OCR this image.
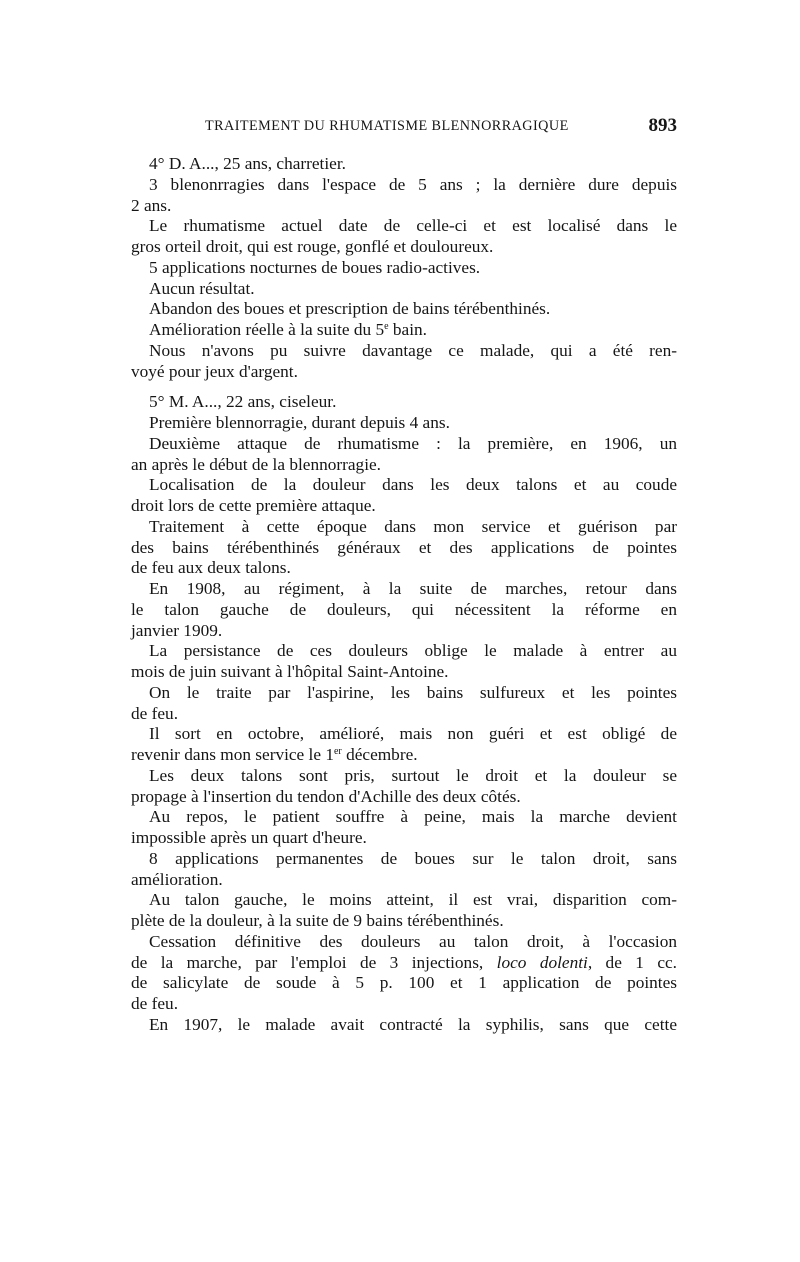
TRAITEMENT DU RHUMATISME BLENNORRAGIQUE	893
4° D. A..., 25 ans, charretier.
3 blenonrragies dans l'espace de 5 ans ; la dernière dure depuis
2 ans.
Le rhumatisme actuel date de celle-ci et est localisé dans le
gros orteil droit, qui est rouge, gonflé et douloureux.
5 applications nocturnes de boues radio-actives.
Aucun résultat.
Abandon des boues et prescription de bains térébenthinés.
Amélioration réelle à la suite du 5e bain.
Nous n'avons pu suivre davantage ce malade, qui a été ren-
voyé pour jeux d'argent.
5° M. A..., 22 ans, ciseleur.
Première blennorragie, durant depuis 4 ans.
Deuxième attaque de rhumatisme : la première, en 1906, un
an après le début de la blennorragie.
Localisation de la douleur dans les deux talons et au coude
droit lors de cette première attaque.
Traitement à cette époque dans mon service et guérison par
des bains térébenthinés généraux et des applications de pointes
de feu aux deux talons.
En 1908, au régiment, à la suite de marches, retour dans
le talon gauche de douleurs, qui nécessitent la réforme en
janvier 1909.
La persistance de ces douleurs oblige le malade à entrer au
mois de juin suivant à l'hôpital Saint-Antoine.
On le traite par l'aspirine, les bains sulfureux et les pointes
de feu.
Il sort en octobre, amélioré, mais non guéri et est obligé de
revenir dans mon service le 1er décembre.
Les deux talons sont pris, surtout le droit et la douleur se
propage à l'insertion du tendon d'Achille des deux côtés.
Au repos, le patient souffre à peine, mais la marche devient
impossible après un quart d'heure.
8 applications permanentes de boues sur le talon droit, sans
amélioration.
Au talon gauche, le moins atteint, il est vrai, disparition com-
plète de la douleur, à la suite de 9 bains térébenthinés.
Cessation définitive des douleurs au talon droit, à l'occasion
de la marche, par l'emploi de 3 injections, loco dolenti, de 1 cc.
de salicylate de soude à 5 p. 100 et 1 application de pointes
de feu.
En 1907, le malade avait contracté la syphilis, sans que cette
